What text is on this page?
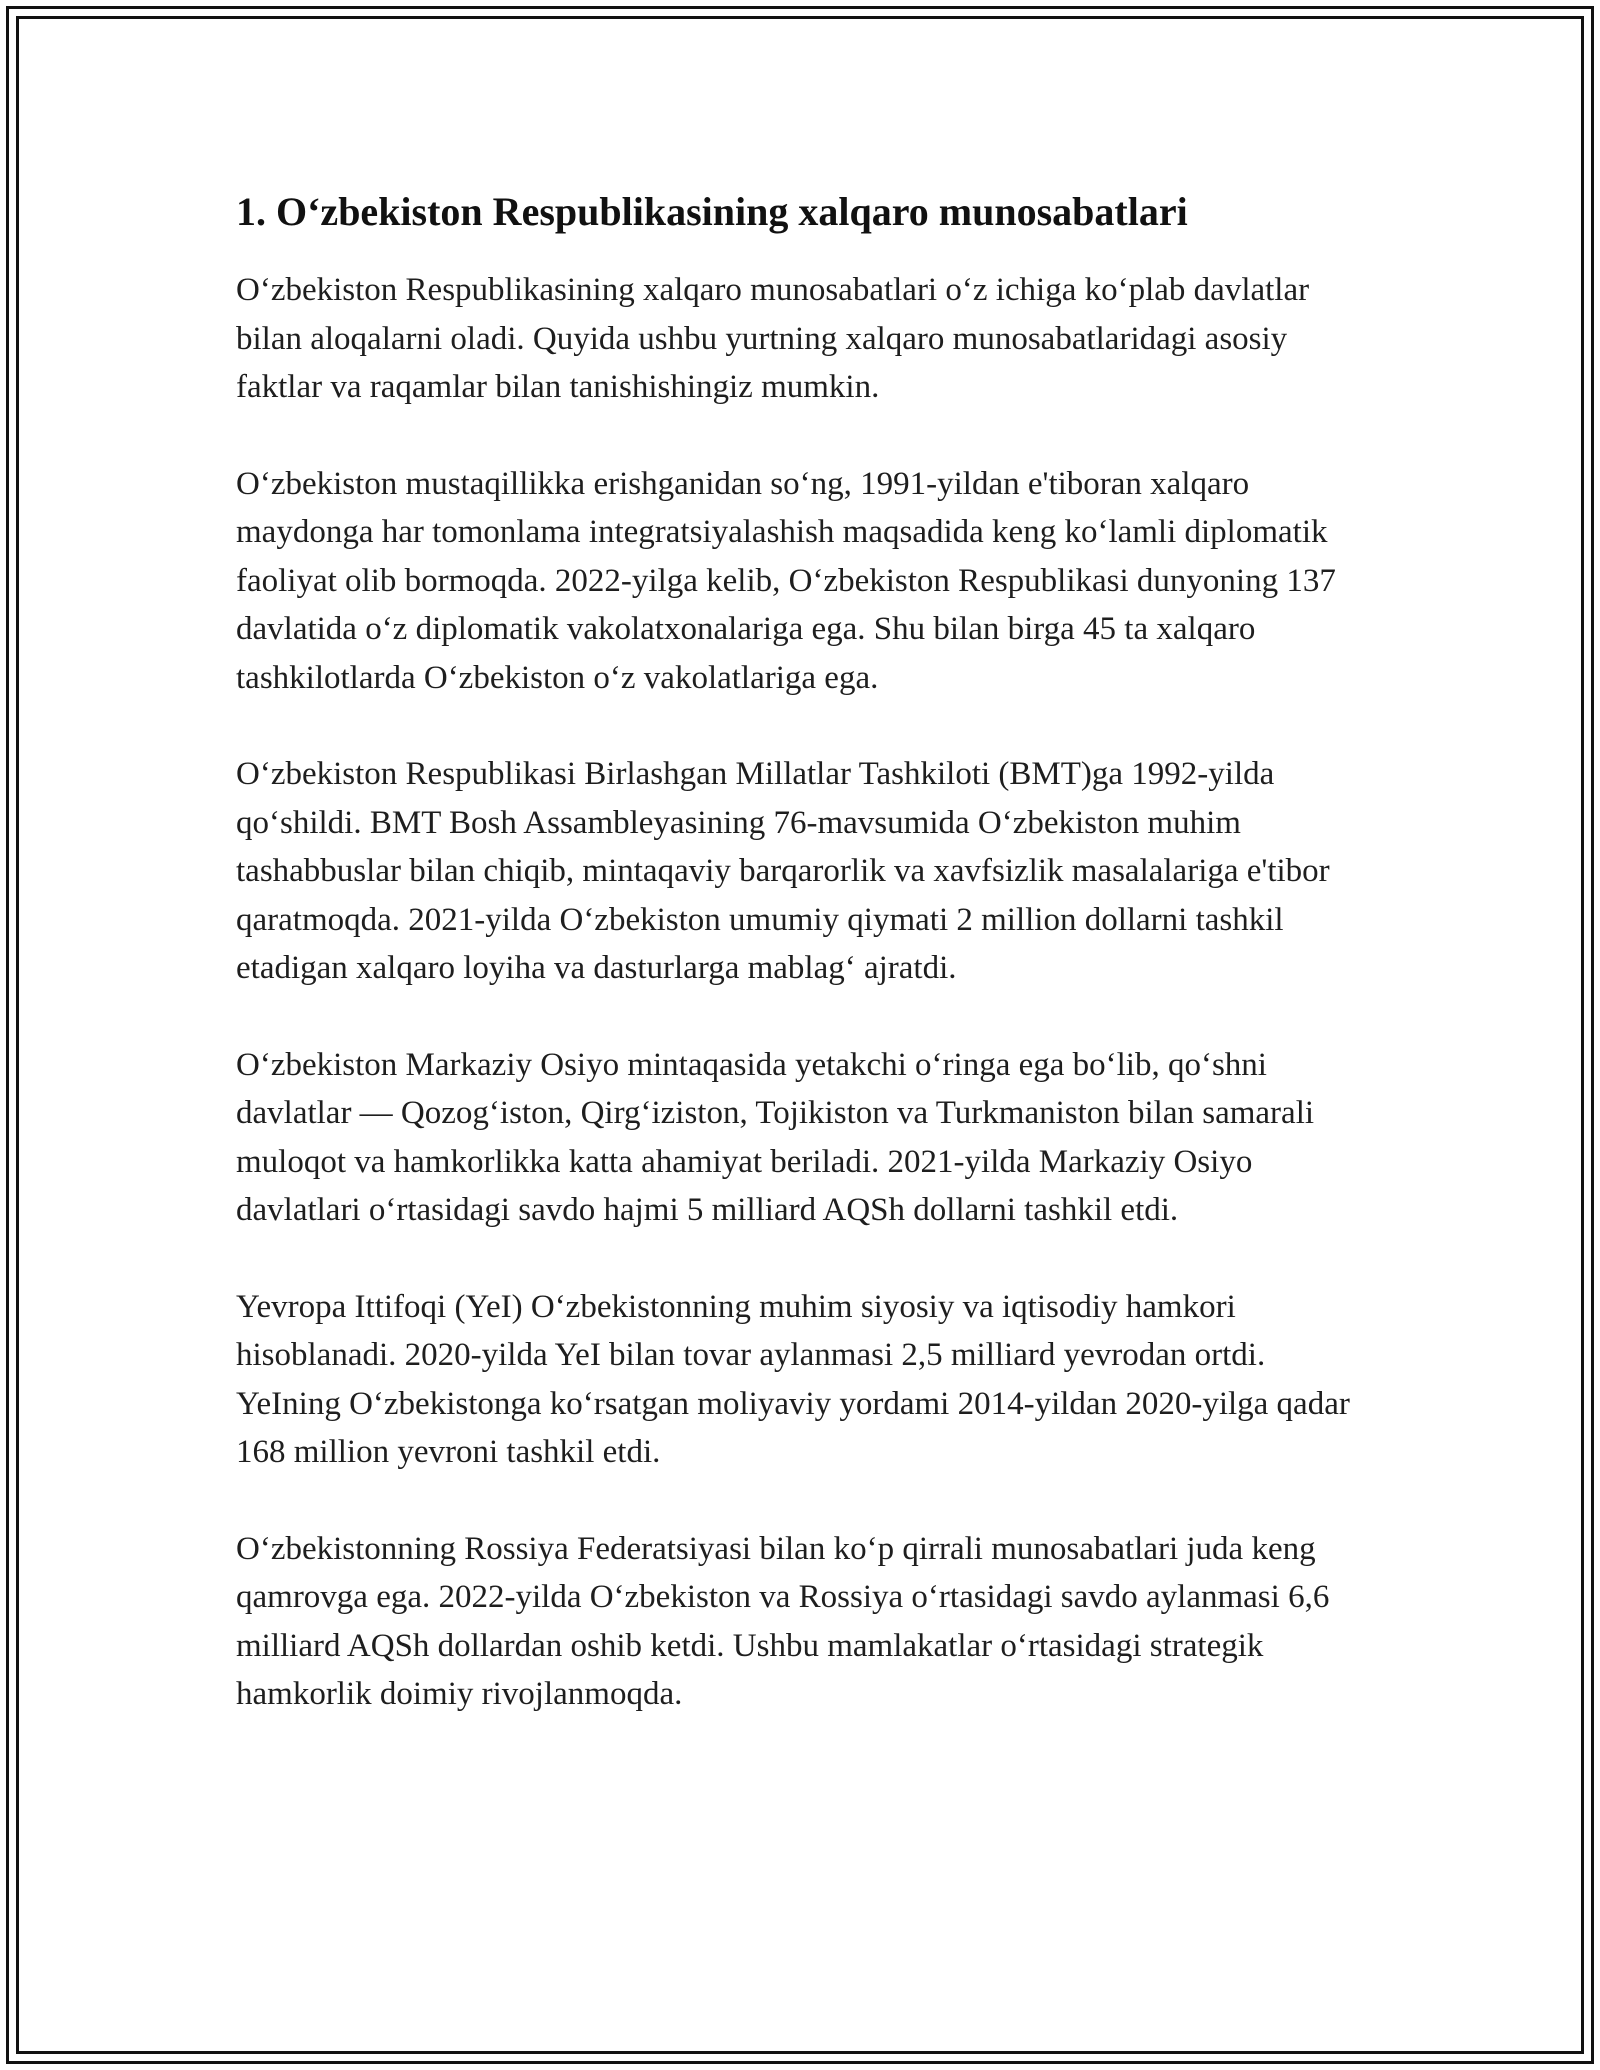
1. O‘zbekiston Respublikasining xalqaro munosabatlari

O‘zbekiston Respublikasining xalqaro munosabatlari o‘z ichiga ko‘plab davlatlar bilan aloqalarni oladi. Quyida ushbu yurtning xalqaro munosabatlaridagi asosiy faktlar va raqamlar bilan tanishishingiz mumkin.

O‘zbekiston mustaqillikka erishganidan so‘ng, 1991-yildan e'tiboran xalqaro maydonga har tomonlama integratsiyalashish maqsadida keng ko‘lamli diplomatik faoliyat olib bormoqda. 2022-yilga kelib, O‘zbekiston Respublikasi dunyoning 137 davlatida o‘z diplomatik vakolatxonalariga ega. Shu bilan birga 45 ta xalqaro tashkilotlarda O‘zbekiston o‘z vakolatlariga ega.

O‘zbekiston Respublikasi Birlashgan Millatlar Tashkiloti (BMT)ga 1992-yilda qo‘shildi. BMT Bosh Assambleyasining 76-mavsumida O‘zbekiston muhim tashabbuslar bilan chiqib, mintaqaviy barqarorlik va xavfsizlik masalalariga e'tibor qaratmoqda. 2021-yilda O‘zbekiston umumiy qiymati 2 million dollarni tashkil etadigan xalqaro loyiha va dasturlarga mablag‘ ajratdi.

O‘zbekiston Markaziy Osiyo mintaqasida yetakchi o‘ringa ega bo‘lib, qo‘shni davlatlar — Qozog‘iston, Qirg‘iziston, Tojikiston va Turkmaniston bilan samarali muloqot va hamkorlikka katta ahamiyat beriladi. 2021-yilda Markaziy Osiyo davlatlari o‘rtasidagi savdo hajmi 5 milliard AQSh dollarni tashkil etdi.

Yevropa Ittifoqi (YeI) O‘zbekistonning muhim siyosiy va iqtisodiy hamkori hisoblanadi. 2020-yilda YeI bilan tovar aylanmasi 2,5 milliard yevrodan ortdi. YeIning O‘zbekistonga ko‘rsatgan moliyaviy yordami 2014-yildan 2020-yilga qadar 168 million yevroni tashkil etdi.

O‘zbekistonning Rossiya Federatsiyasi bilan ko‘p qirrali munosabatlari juda keng qamrovga ega. 2022-yilda O‘zbekiston va Rossiya o‘rtasidagi savdo aylanmasi 6,6 milliard AQSh dollardan oshib ketdi. Ushbu mamlakatlar o‘rtasidagi strategik hamkorlik doimiy rivojlanmoqda.
